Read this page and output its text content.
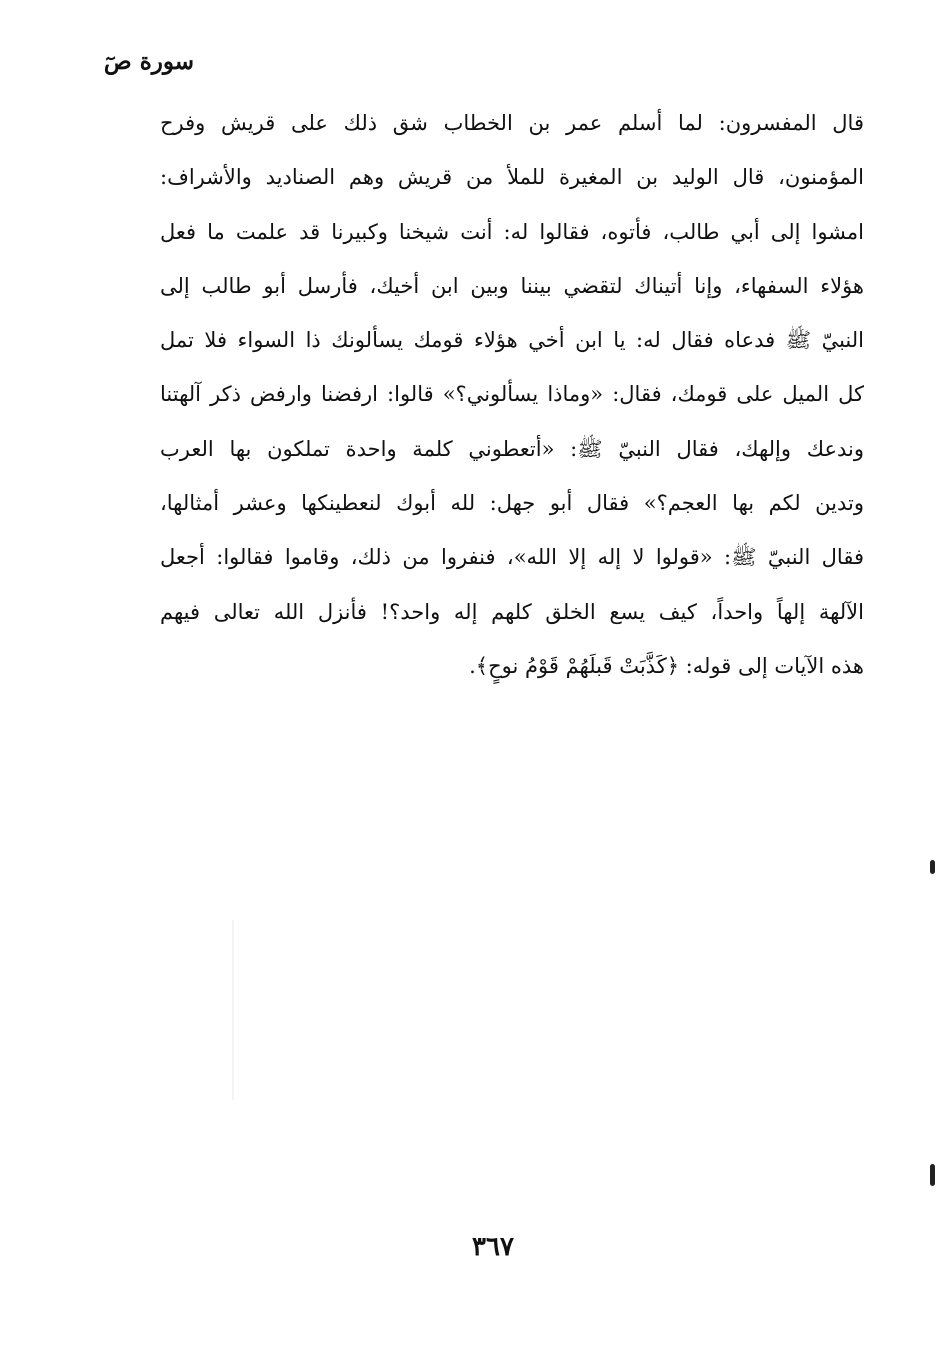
سورة صٓ
قال المفسرون: لما أسلم عمر بن الخطاب شق ذلك على قريش وفرح
المؤمنون، قال الوليد بن المغيرة للملأ من قريش وهم الصناديد والأشراف:
امشوا إلى أبي طالب، فأتوه، فقالوا له: أنت شيخنا وكبيرنا قد علمت ما فعل
هؤلاء السفهاء، وإنا أتيناك لتقضي بيننا وبين ابن أخيك، فأرسل أبو طالب إلى
النبيّ ﷺ فدعاه فقال له: يا ابن أخي هؤلاء قومك يسألونك ذا السواء فلا تمل
كل الميل على قومك، فقال: «وماذا يسألوني؟» قالوا: ارفضنا وارفض ذكر آلهتنا
وندعك وإلهك، فقال النبيّ ﷺ: «أتعطوني كلمة واحدة تملكون بها العرب
وتدين لكم بها العجم؟» فقال أبو جهل: لله أبوك لنعطينكها وعشر أمثالها،
فقال النبيّ ﷺ: «قولوا لا إله إلا الله»، فنفروا من ذلك، وقاموا فقالوا: أجعل
الآلهة إلهاً واحداً، كيف يسع الخلق كلهم إله واحد؟! فأنزل الله تعالى فيهم
هذه الآيات إلى قوله: ﴿كَذَّبَتْ قَبلَهُمْ قَوْمُ نوحٍ﴾.
٣٦٧
